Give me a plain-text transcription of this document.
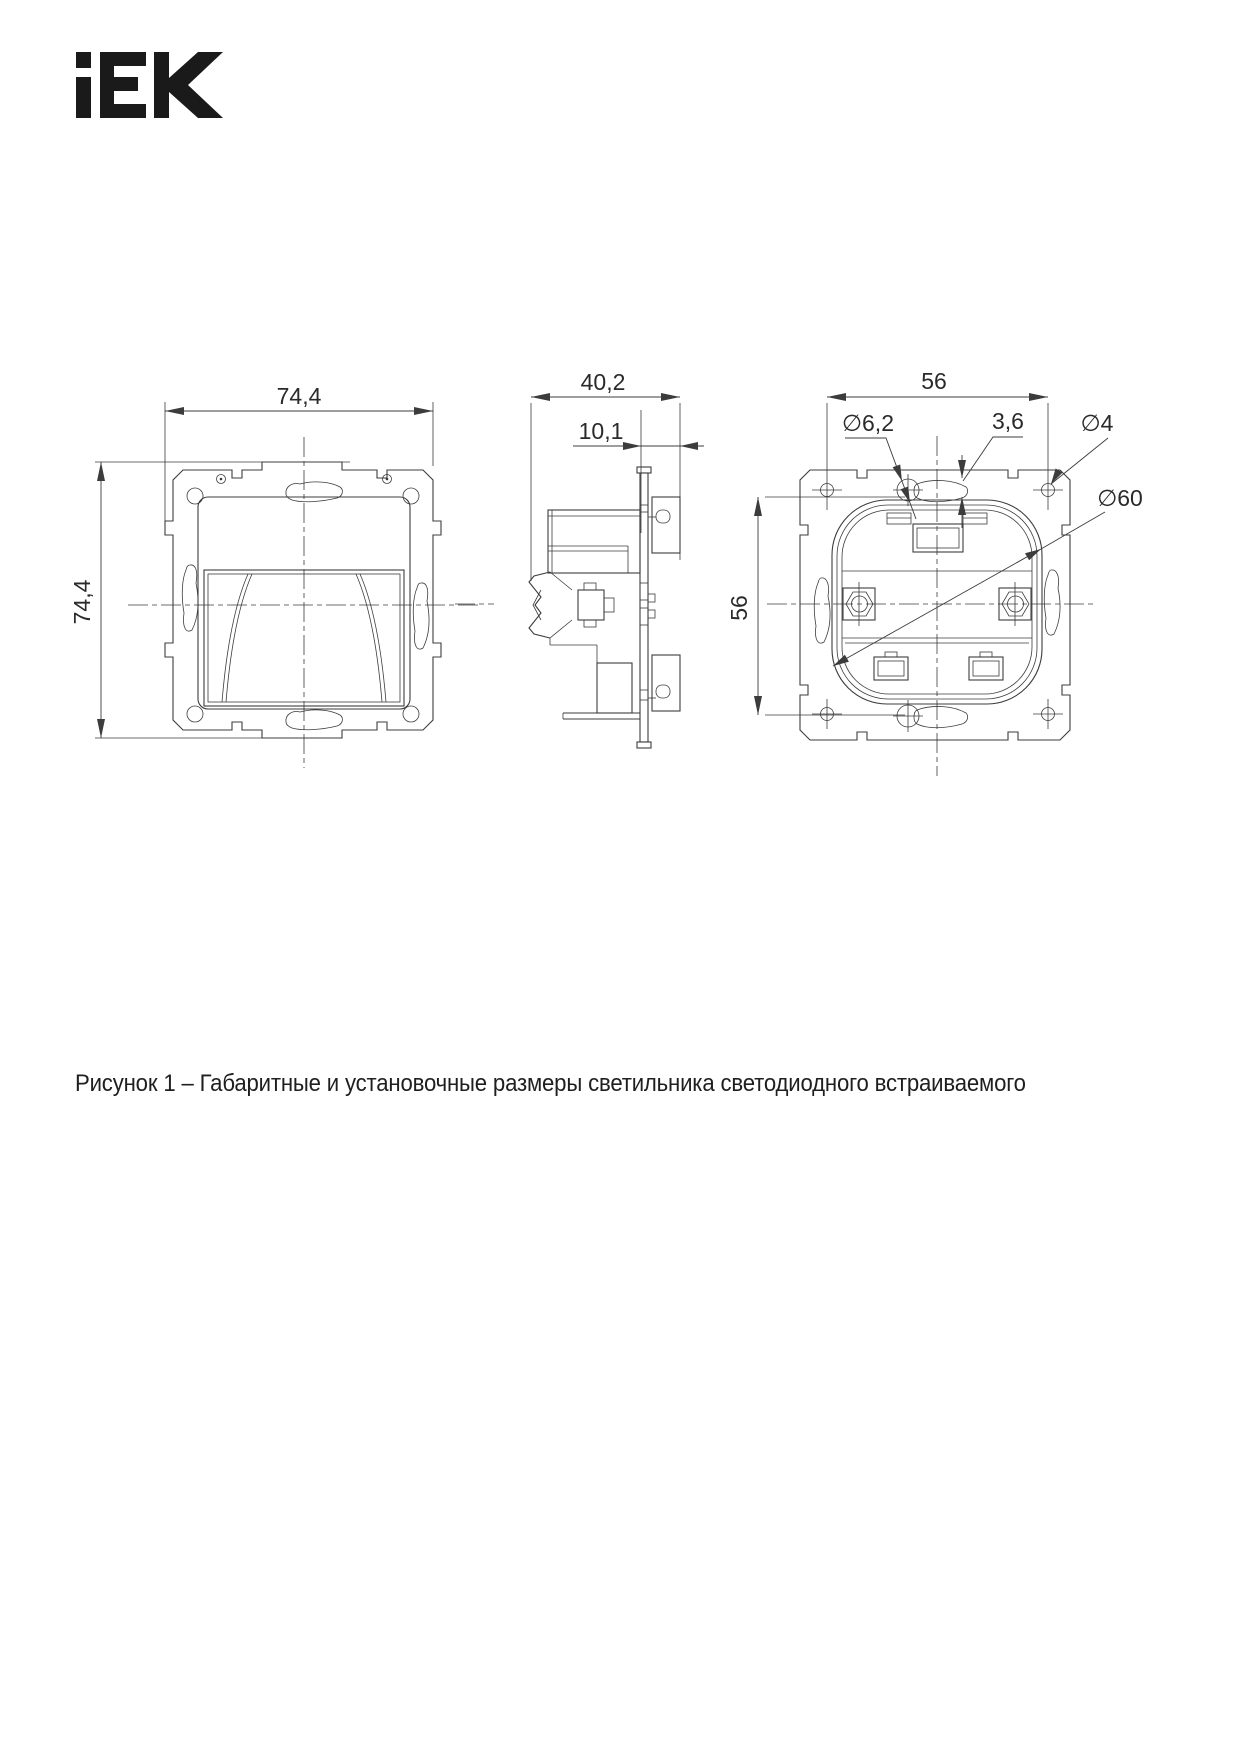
74,4
74,4
40,2
10,1
56
56
∅6,2	3,6 ∅4
∅60
Рисунок 1 – Габаритные и установочные размеры светильника светодиодного встраиваемого
